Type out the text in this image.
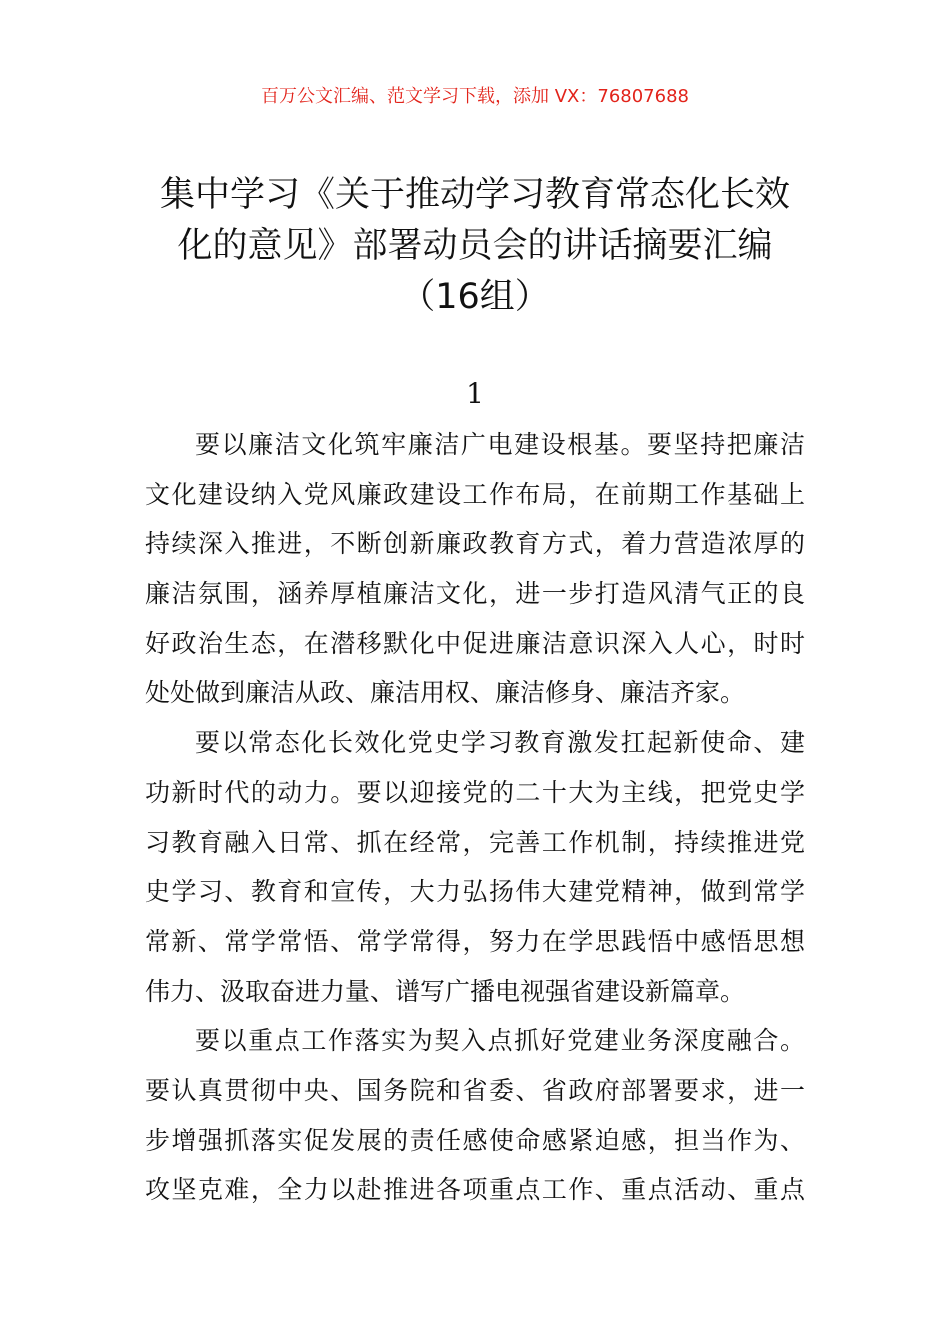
百万公文汇编、范文学习下载，添加 VX：76807688
集中学习《关于推动学习教育常态化长效
化的意见》部署动员会的讲话摘要汇编
（16组）
1
要以廉洁文化筑牢廉洁广电建设根基。要坚持把廉洁
文化建设纳入党风廉政建设工作布局，在前期工作基础上
持续深入推进，不断创新廉政教育方式，着力营造浓厚的
廉洁氛围，涵养厚植廉洁文化，进一步打造风清气正的良
好政治生态，在潜移默化中促进廉洁意识深入人心，时时
处处做到廉洁从政、廉洁用权、廉洁修身、廉洁齐家。
要以常态化长效化党史学习教育激发扛起新使命、建
功新时代的动力。要以迎接党的二十大为主线，把党史学
习教育融入日常、抓在经常，完善工作机制，持续推进党
史学习、教育和宣传，大力弘扬伟大建党精神，做到常学
常新、常学常悟、常学常得，努力在学思践悟中感悟思想
伟力、汲取奋进力量、谱写广播电视强省建设新篇章。
要以重点工作落实为契入点抓好党建业务深度融合。
要认真贯彻中央、国务院和省委、省政府部署要求，进一
步增强抓落实促发展的责任感使命感紧迫感，担当作为、
攻坚克难，全力以赴推进各项重点工作、重点活动、重点
